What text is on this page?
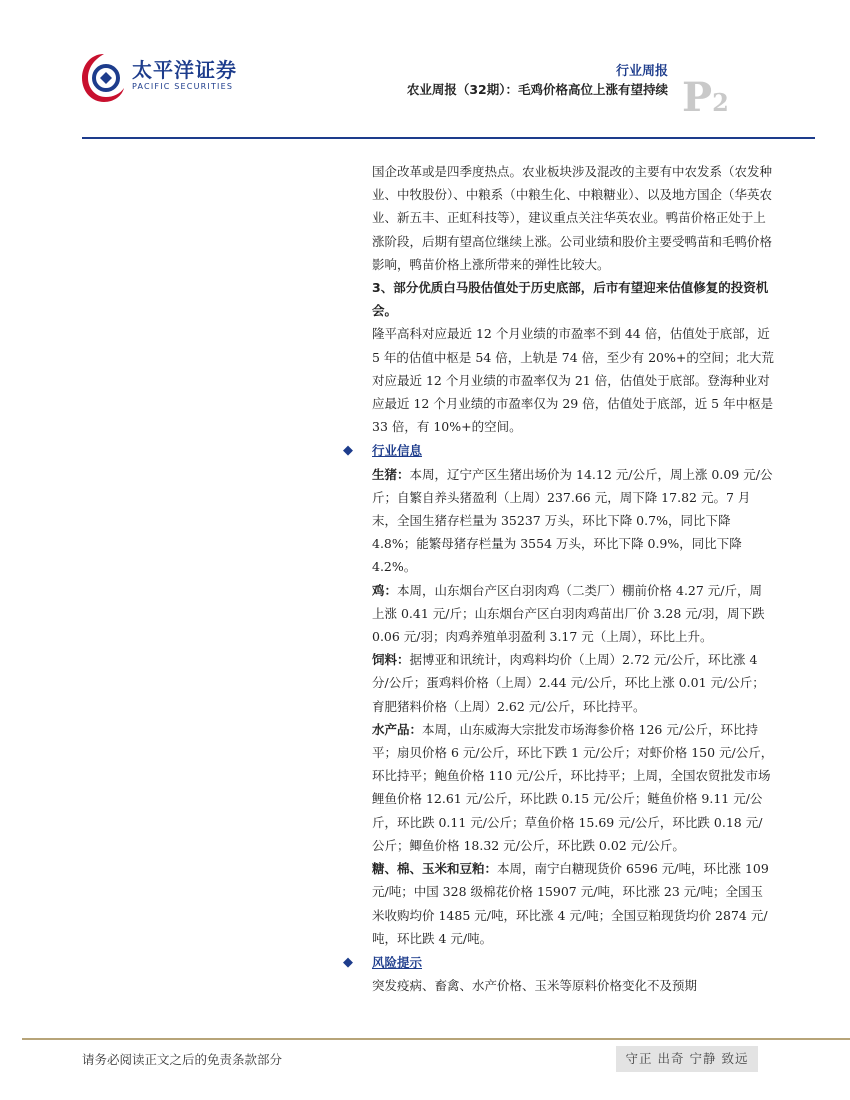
太平洋证券
PACIFIC SECURITIES
行业周报
农业周报（32期）：毛鸡价格高位上涨有望持续 P2

国企改革或是四季度热点。农业板块涉及混改的主要有中农发系（农发种业、中牧股份）、中粮系（中粮生化、中粮糖业）、以及地方国企（华英农业、新五丰、正虹科技等），建议重点关注华英农业。鸭苗价格正处于上涨阶段，后期有望高位继续上涨。公司业绩和股价主要受鸭苗和毛鸭价格影响，鸭苗价格上涨所带来的弹性比较大。

3、部分优质白马股估值处于历史底部，后市有望迎来估值修复的投资机会。

隆平高科对应最近 12 个月业绩的市盈率不到 44 倍，估值处于底部，近 5 年的估值中枢是 54 倍，上轨是 74 倍，至少有 20%+的空间；北大荒对应最近 12 个月业绩的市盈率仅为 21 倍，估值处于底部。登海种业对应最近 12 个月业绩的市盈率仅为 29 倍，估值处于底部，近 5 年中枢是 33 倍，有 10%+的空间。

◆ 行业信息

生猪：本周，辽宁产区生猪出场价为 14.12 元/公斤，周上涨 0.09 元/公斤；自繁自养头猪盈利（上周）237.66 元，周下降 17.82 元。7 月末，全国生猪存栏量为 35237 万头，环比下降 0.7%，同比下降 4.8%；能繁母猪存栏量为 3554 万头，环比下降 0.9%，同比下降 4.2%。

鸡：本周，山东烟台产区白羽肉鸡（二类厂）棚前价格 4.27 元/斤，周上涨 0.41 元/斤；山东烟台产区白羽肉鸡苗出厂价 3.28 元/羽，周下跌 0.06 元/羽；肉鸡养殖单羽盈利 3.17 元（上周），环比上升。

饲料：据博亚和讯统计，肉鸡料均价（上周）2.72 元/公斤，环比涨 4 分/公斤；蛋鸡料价格（上周）2.44 元/公斤，环比上涨 0.01 元/公斤；育肥猪料价格（上周）2.62 元/公斤，环比持平。

水产品：本周，山东威海大宗批发市场海参价格 126 元/公斤，环比持平；扇贝价格 6 元/公斤，环比下跌 1 元/公斤；对虾价格 150 元/公斤，环比持平；鲍鱼价格 110 元/公斤，环比持平；上周，全国农贸批发市场鲤鱼价格 12.61 元/公斤，环比跌 0.15 元/公斤；鲢鱼价格 9.11 元/公斤，环比跌 0.11 元/公斤；草鱼价格 15.69 元/公斤，环比跌 0.18 元/公斤；鲫鱼价格 18.32 元/公斤，环比跌 0.02 元/公斤。

糖、棉、玉米和豆粕：本周，南宁白糖现货价 6596 元/吨，环比涨 109 元/吨；中国 328 级棉花价格 15907 元/吨，环比涨 23 元/吨；全国玉米收购均价 1485 元/吨，环比涨 4 元/吨；全国豆粕现货均价 2874 元/吨，环比跌 4 元/吨。

◆ 风险提示

突发疫病、畜禽、水产价格、玉米等原料价格变化不及预期

请务必阅读正文之后的免责条款部分	守正 出奇 宁静 致远
